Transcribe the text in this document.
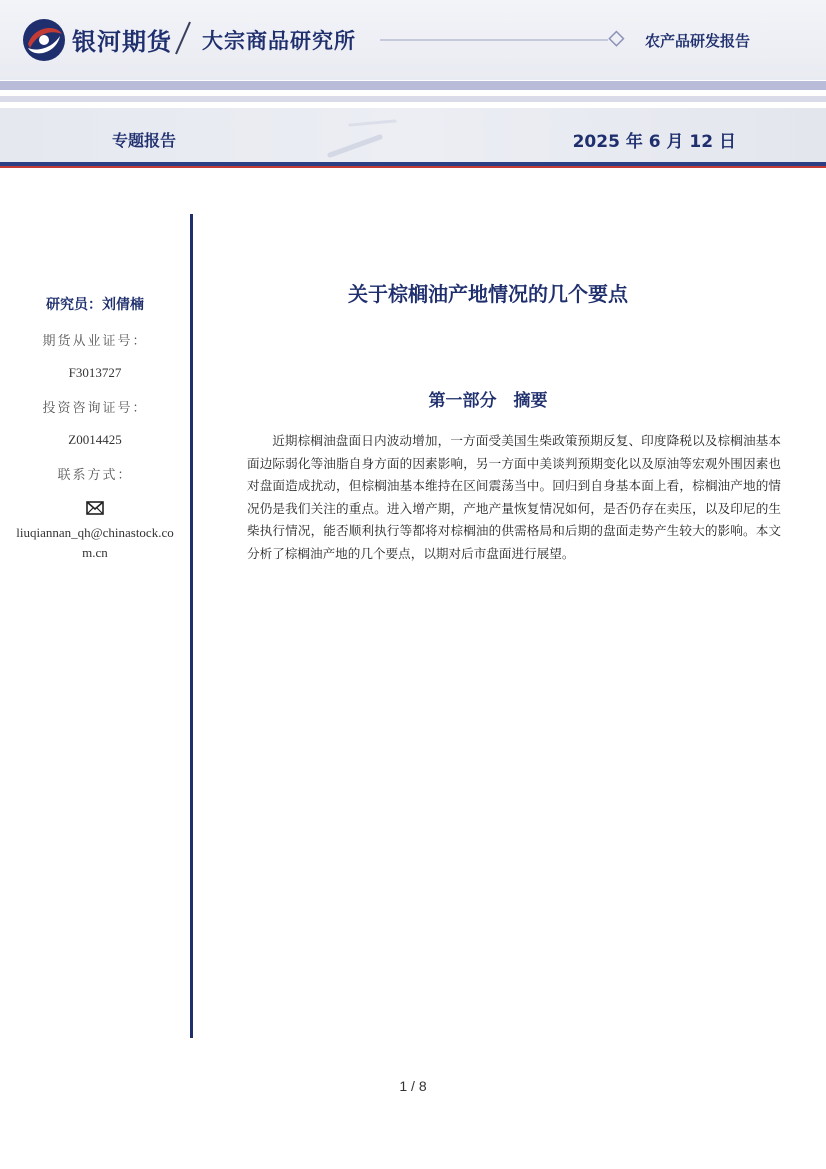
银河期货 大宗商品研究所	农产品研发报告
专题报告	2025 年 6 月 12 日
研究员：刘倩楠
期货从业证号：
F3013727
投资咨询证号：
Z0014425
联系方式：
liuqiannan_qh@chinastock.com.cn
关于棕榈油产地情况的几个要点
第一部分　摘要

近期棕榈油盘面日内波动增加，一方面受美国生柴政策预期反复、印度降税以及棕榈油基本面边际弱化等油脂自身方面的因素影响，另一方面中美谈判预期变化以及原油等宏观外围因素也对盘面造成扰动，但棕榈油基本维持在区间震荡当中。回归到自身基本面上看，棕榈油产地的情况仍是我们关注的重点。进入增产期，产地产量恢复情况如何，是否仍存在卖压，以及印尼的生柴执行情况，能否顺利执行等都将对棕榈油的供需格局和后期的盘面走势产生较大的影响。本文分析了棕榈油产地的几个要点，以期对后市盘面进行展望。

1 / 8
